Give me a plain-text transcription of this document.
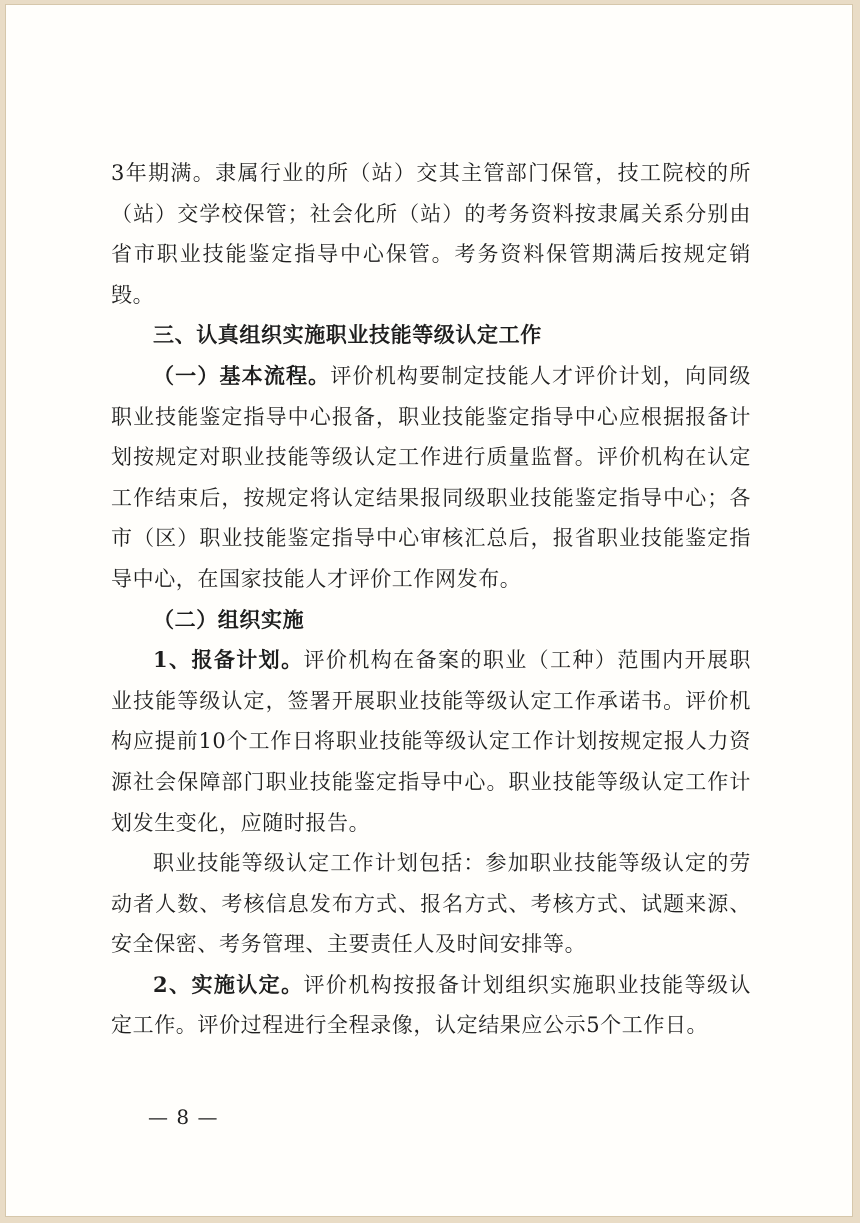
3年期满。隶属行业的所（站）交其主管部门保管，技工院校的所（站）交学校保管；社会化所（站）的考务资料按隶属关系分别由省市职业技能鉴定指导中心保管。考务资料保管期满后按规定销毁。

三、认真组织实施职业技能等级认定工作

（一）基本流程。评价机构要制定技能人才评价计划，向同级职业技能鉴定指导中心报备，职业技能鉴定指导中心应根据报备计划按规定对职业技能等级认定工作进行质量监督。评价机构在认定工作结束后，按规定将认定结果报同级职业技能鉴定指导中心；各市（区）职业技能鉴定指导中心审核汇总后，报省职业技能鉴定指导中心，在国家技能人才评价工作网发布。

（二）组织实施

1、报备计划。评价机构在备案的职业（工种）范围内开展职业技能等级认定，签署开展职业技能等级认定工作承诺书。评价机构应提前10个工作日将职业技能等级认定工作计划按规定报人力资源社会保障部门职业技能鉴定指导中心。职业技能等级认定工作计划发生变化，应随时报告。

职业技能等级认定工作计划包括：参加职业技能等级认定的劳动者人数、考核信息发布方式、报名方式、考核方式、试题来源、安全保密、考务管理、主要责任人及时间安排等。

2、实施认定。评价机构按报备计划组织实施职业技能等级认定工作。评价过程进行全程录像，认定结果应公示5个工作日。

— 8 —
